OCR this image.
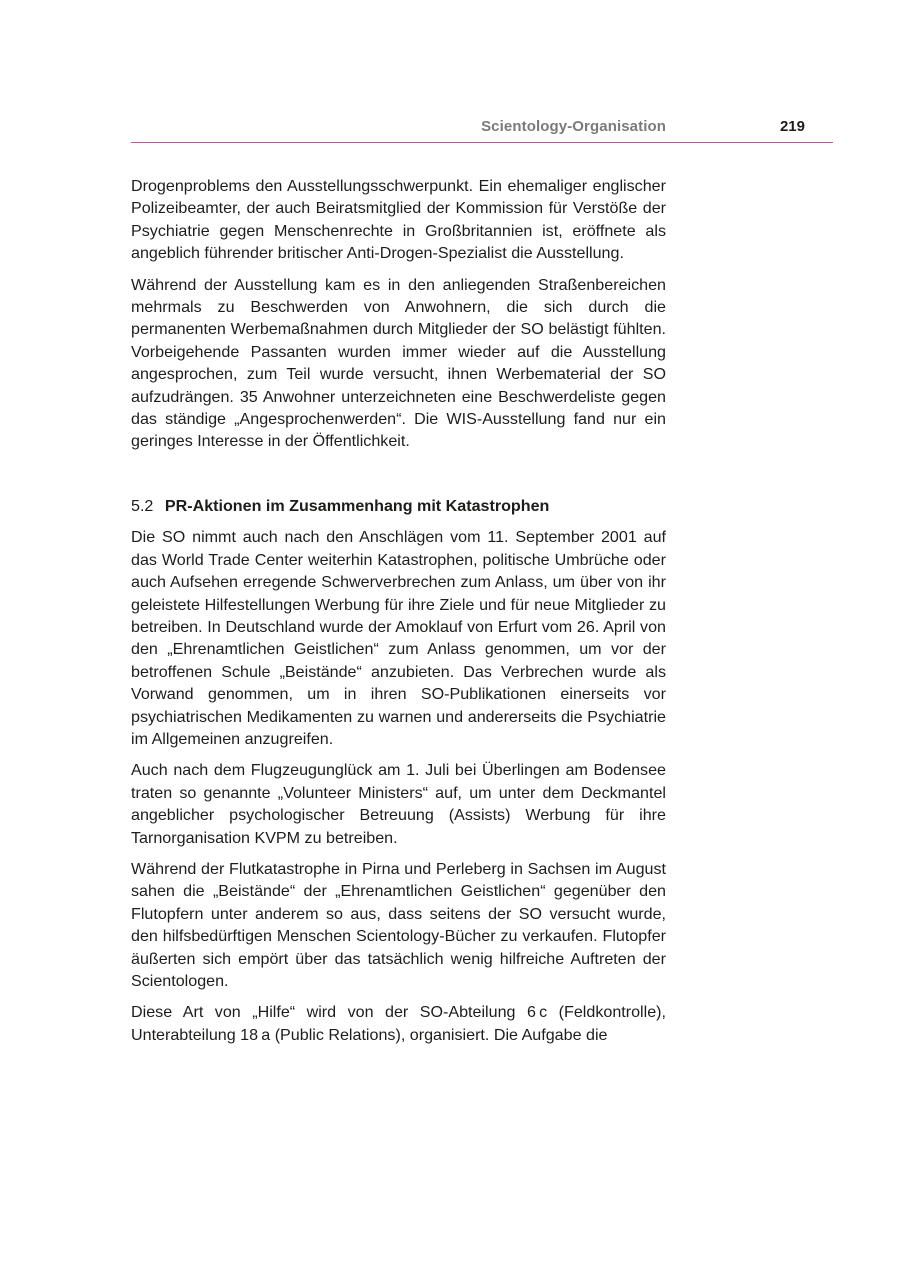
Scientology-Organisation	219

Drogenproblems den Ausstellungsschwerpunkt. Ein ehemaliger englischer Polizeibeamter, der auch Beiratsmitglied der Kommission für Verstöße der Psychiatrie gegen Menschenrechte in Großbritannien ist, eröffnete als angeblich führender britischer Anti-Drogen-Spezialist die Ausstellung.

Während der Ausstellung kam es in den anliegenden Straßenbereichen mehrmals zu Beschwerden von Anwohnern, die sich durch die permanenten Werbemaßnahmen durch Mitglieder der SO belästigt fühlten. Vorbeigehende Passanten wurden immer wieder auf die Ausstellung angesprochen, zum Teil wurde versucht, ihnen Werbematerial der SO aufzudrängen. 35 Anwohner unterzeichneten eine Beschwerdeliste gegen das ständige „Angesprochenwerden“. Die WIS-Ausstellung fand nur ein geringes Interesse in der Öffentlichkeit.

5.2 PR-Aktionen im Zusammenhang mit Katastrophen

Die SO nimmt auch nach den Anschlägen vom 11. September 2001 auf das World Trade Center weiterhin Katastrophen, politische Umbrüche oder auch Aufsehen erregende Schwerverbrechen zum Anlass, um über von ihr geleistete Hilfestellungen Werbung für ihre Ziele und für neue Mitglieder zu betreiben. In Deutschland wurde der Amoklauf von Erfurt vom 26. April von den „Ehrenamtlichen Geistlichen“ zum Anlass genommen, um vor der betroffenen Schule „Beistände“ anzubieten. Das Verbrechen wurde als Vorwand genommen, um in ihren SO-Publikationen einerseits vor psychiatrischen Medikamenten zu warnen und andererseits die Psychiatrie im Allgemeinen anzugreifen.

Auch nach dem Flugzeugunglück am 1. Juli bei Überlingen am Bodensee traten so genannte „Volunteer Ministers“ auf, um unter dem Deckmantel angeblicher psychologischer Betreuung (Assists) Werbung für ihre Tarnorganisation KVPM zu betreiben.

Während der Flutkatastrophe in Pirna und Perleberg in Sachsen im August sahen die „Beistände“ der „Ehrenamtlichen Geistlichen“ gegenüber den Flutopfern unter anderem so aus, dass seitens der SO versucht wurde, den hilfsbedürftigen Menschen Scientology-Bücher zu verkaufen. Flutopfer äußerten sich empört über das tatsächlich wenig hilfreiche Auftreten der Scientologen.

Diese Art von „Hilfe“ wird von der SO-Abteilung 6 c (Feldkontrolle), Unterabteilung 18 a (Public Relations), organisiert. Die Aufgabe die
